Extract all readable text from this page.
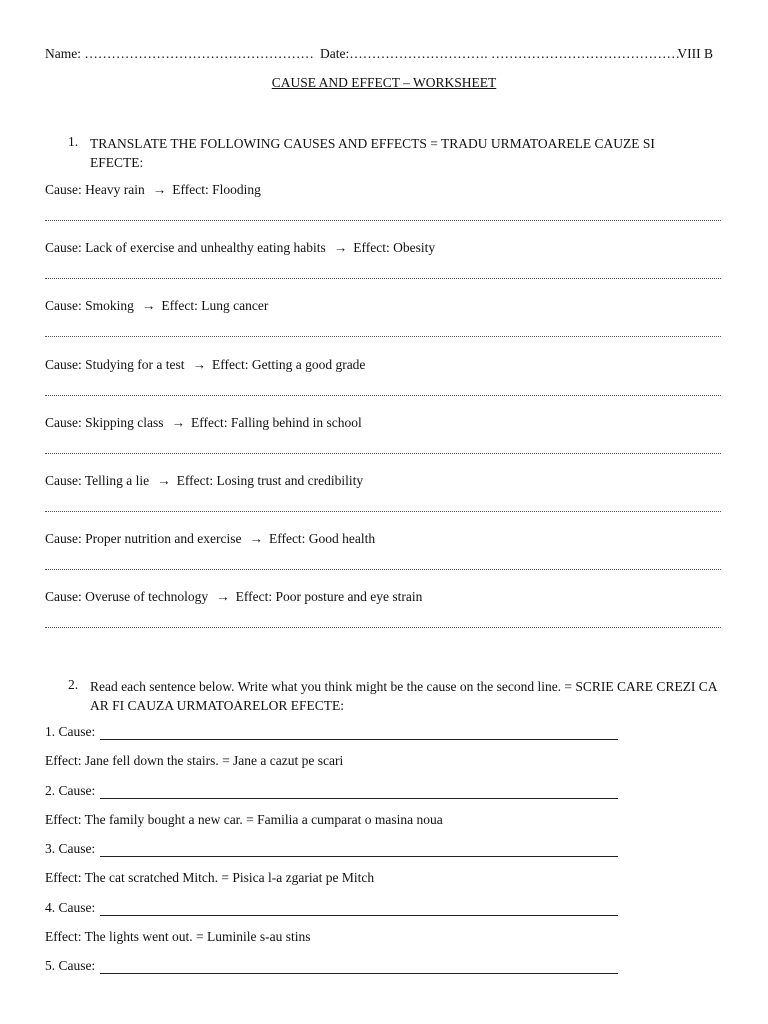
Name: …………………………………………… Date:…………………………. ……………………………………
VIII B
CAUSE AND EFFECT – WORKSHEET
1. TRANSLATE THE FOLLOWING CAUSES AND EFFECTS = TRADU URMATOARELE CAUZE SI EFECTE:
Cause: Heavy rain → Effect: Flooding
Cause: Lack of exercise and unhealthy eating habits → Effect: Obesity
Cause: Smoking → Effect: Lung cancer
Cause: Studying for a test → Effect: Getting a good grade
Cause: Skipping class → Effect: Falling behind in school
Cause: Telling a lie → Effect: Losing trust and credibility
Cause: Proper nutrition and exercise → Effect: Good health
Cause: Overuse of technology → Effect: Poor posture and eye strain
2. Read each sentence below. Write what you think might be the cause on the second line. = SCRIE CARE CREZI CA AR FI CAUZA URMATOARELOR EFECTE:
1. Cause:
Effect: Jane fell down the stairs. = Jane a cazut pe scari
2. Cause:
Effect: The family bought a new car. = Familia a cumparat o masina noua
3. Cause:
Effect: The cat scratched Mitch. = Pisica l-a zgariat pe Mitch
4. Cause:
Effect: The lights went out. = Luminile s-au stins
5. Cause:
